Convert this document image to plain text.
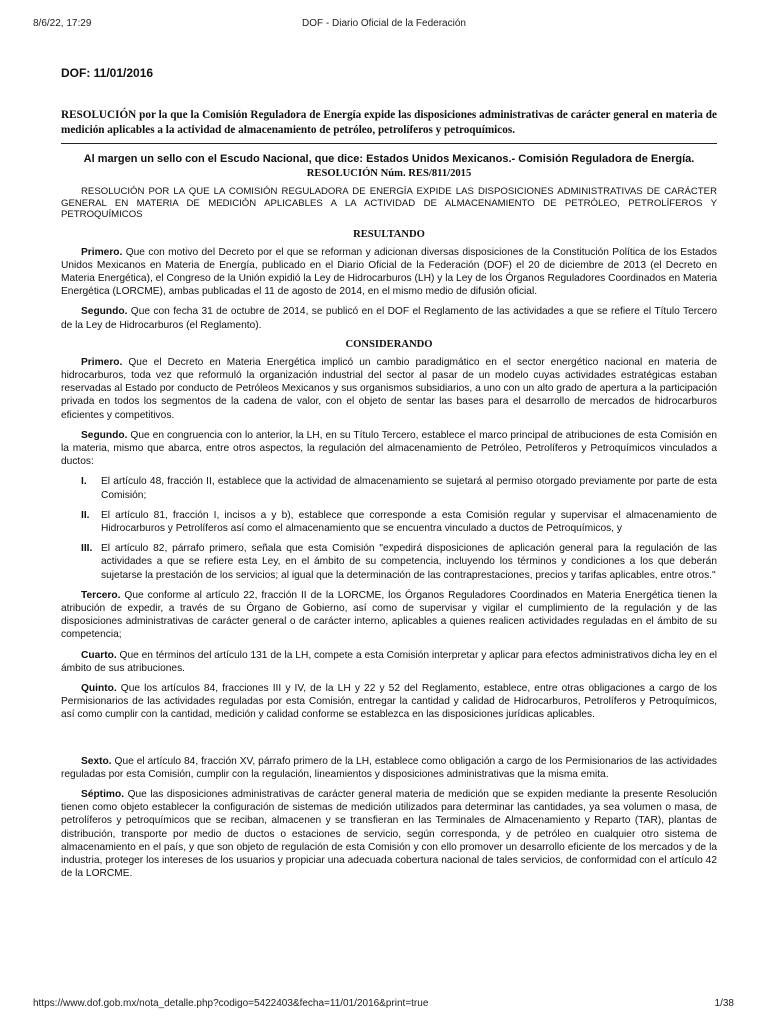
8/6/22, 17:29	DOF - Diario Oficial de la Federación
DOF: 11/01/2016
RESOLUCIÓN por la que la Comisión Reguladora de Energía expide las disposiciones administrativas de carácter general en materia de medición aplicables a la actividad de almacenamiento de petróleo, petrolíferos y petroquímicos.
Al margen un sello con el Escudo Nacional, que dice: Estados Unidos Mexicanos.- Comisión Reguladora de Energía.
RESOLUCIÓN Núm. RES/811/2015
RESOLUCIÓN POR LA QUE LA COMISIÓN REGULADORA DE ENERGÍA EXPIDE LAS DISPOSICIONES ADMINISTRATIVAS DE CARÁCTER GENERAL EN MATERIA DE MEDICIÓN APLICABLES A LA ACTIVIDAD DE ALMACENAMIENTO DE PETRÓLEO, PETROLÍFEROS Y PETROQUÍMICOS
RESULTANDO
Primero. Que con motivo del Decreto por el que se reforman y adicionan diversas disposiciones de la Constitución Política de los Estados Unidos Mexicanos en Materia de Energía, publicado en el Diario Oficial de la Federación (DOF) el 20 de diciembre de 2013 (el Decreto en Materia Energética), el Congreso de la Unión expidió la Ley de Hidrocarburos (LH) y la Ley de los Órganos Reguladores Coordinados en Materia Energética (LORCME), ambas publicadas el 11 de agosto de 2014, en el mismo medio de difusión oficial.
Segundo. Que con fecha 31 de octubre de 2014, se publicó en el DOF el Reglamento de las actividades a que se refiere el Título Tercero de la Ley de Hidrocarburos (el Reglamento).
CONSIDERANDO
Primero. Que el Decreto en Materia Energética implicó un cambio paradigmático en el sector energético nacional en materia de hidrocarburos, toda vez que reformuló la organización industrial del sector al pasar de un modelo cuyas actividades estratégicas estaban reservadas al Estado por conducto de Petróleos Mexicanos y sus organismos subsidiarios, a uno con un alto grado de apertura a la participación privada en todos los segmentos de la cadena de valor, con el objeto de sentar las bases para el desarrollo de mercados de hidrocarburos eficientes y competitivos.
Segundo. Que en congruencia con lo anterior, la LH, en su Título Tercero, establece el marco principal de atribuciones de esta Comisión en la materia, mismo que abarca, entre otros aspectos, la regulación del almacenamiento de Petróleo, Petrolíferos y Petroquímicos vinculados a ductos:
I.	El artículo 48, fracción II, establece que la actividad de almacenamiento se sujetará al permiso otorgado previamente por parte de esta Comisión;
II.	El artículo 81, fracción I, incisos a y b), establece que corresponde a esta Comisión regular y supervisar el almacenamiento de Hidrocarburos y Petrolíferos así como el almacenamiento que se encuentra vinculado a ductos de Petroquímicos, y
III. El artículo 82, párrafo primero, señala que esta Comisión "expedirá disposiciones de aplicación general para la regulación de las actividades a que se refiere esta Ley, en el ámbito de su competencia, incluyendo los términos y condiciones a los que deberán sujetarse la prestación de los servicios; al igual que la determinación de las contraprestaciones, precios y tarifas aplicables, entre otros."
Tercero. Que conforme al artículo 22, fracción II de la LORCME, los Órganos Reguladores Coordinados en Materia Energética tienen la atribución de expedir, a través de su Órgano de Gobierno, así como de supervisar y vigilar el cumplimiento de la regulación y de las disposiciones administrativas de carácter general o de carácter interno, aplicables a quienes realicen actividades reguladas en el ámbito de su competencia;
Cuarto. Que en términos del artículo 131 de la LH, compete a esta Comisión interpretar y aplicar para efectos administrativos dicha ley en el ámbito de sus atribuciones.
Quinto. Que los artículos 84, fracciones III y IV, de la LH y 22 y 52 del Reglamento, establece, entre otras obligaciones a cargo de los Permisionarios de las actividades reguladas por esta Comisión, entregar la cantidad y calidad de Hidrocarburos, Petrolíferos y Petroquímicos, así como cumplir con la cantidad, medición y calidad conforme se establezca en las disposiciones jurídicas aplicables.
Sexto. Que el artículo 84, fracción XV, párrafo primero de la LH, establece como obligación a cargo de los Permisionarios de las actividades reguladas por esta Comisión, cumplir con la regulación, lineamientos y disposiciones administrativas que la misma emita.
Séptimo. Que las disposiciones administrativas de carácter general materia de medición que se expiden mediante la presente Resolución tienen como objeto establecer la configuración de sistemas de medición utilizados para determinar las cantidades, ya sea volumen o masa, de petrolíferos y petroquímicos que se reciban, almacenen y se transfieran en las Terminales de Almacenamiento y Reparto (TAR), plantas de distribución, transporte por medio de ductos o estaciones de servicio, según corresponda, y de petróleo en cualquier otro sistema de almacenamiento en el país, y que son objeto de regulación de esta Comisión y con ello promover un desarrollo eficiente de los mercados y de la industria, proteger los intereses de los usuarios y propiciar una adecuada cobertura nacional de tales servicios, de conformidad con el artículo 42 de la LORCME.
https://www.dof.gob.mx/nota_detalle.php?codigo=5422403&fecha=11/01/2016&print=true	1/38
